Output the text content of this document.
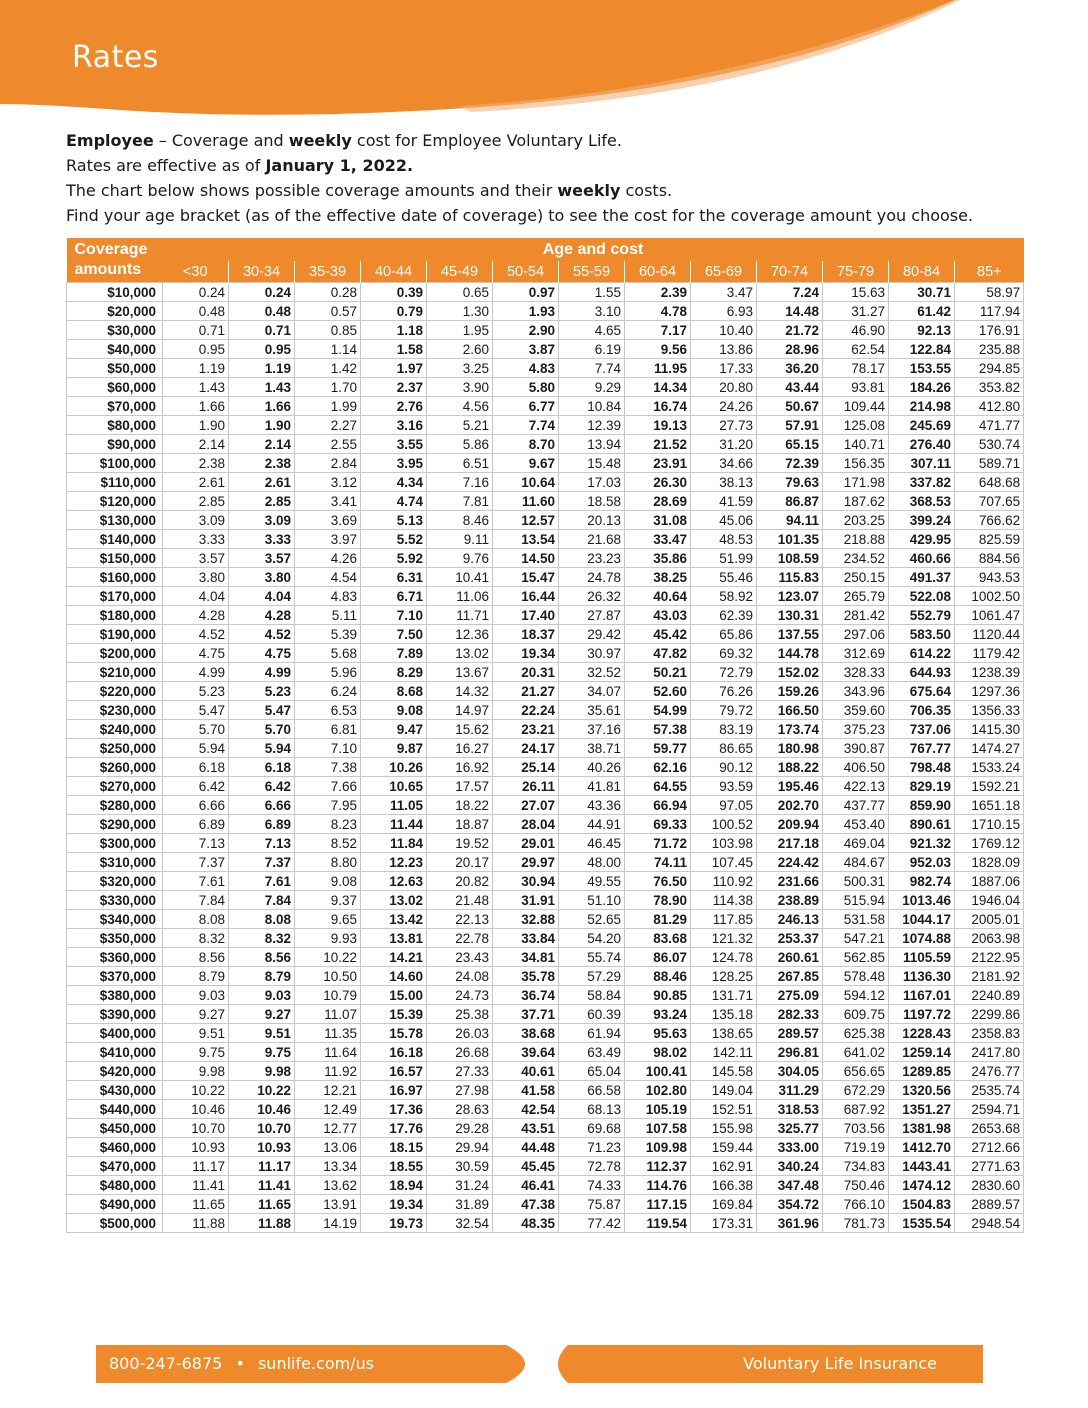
Rates

Employee – Coverage and weekly cost for Employee Voluntary Life.

Rates are effective as of January 1, 2022.

The chart below shows possible coverage amounts and their weekly costs.

Find your age bracket (as of the effective date of coverage) to see the cost for the coverage amount you choose.

Coverage
amounts	Age and cost												
	<30	30-34	35-39	40-44	45-49	50-54	55-59	60-64	65-69	70-74	75-79	80-84	85+
$10,000	0.24	0.24	0.28	0.39	0.65	0.97	1.55	2.39	3.47	7.24	15.63	30.71	58.97
$20,000	0.48	0.48	0.57	0.79	1.30	1.93	3.10	4.78	6.93	14.48	31.27	61.42	117.94
$30,000	0.71	0.71	0.85	1.18	1.95	2.90	4.65	7.17	10.40	21.72	46.90	92.13	176.91
$40,000	0.95	0.95	1.14	1.58	2.60	3.87	6.19	9.56	13.86	28.96	62.54	122.84	235.88
$50,000	1.19	1.19	1.42	1.97	3.25	4.83	7.74	11.95	17.33	36.20	78.17	153.55	294.85
$60,000	1.43	1.43	1.70	2.37	3.90	5.80	9.29	14.34	20.80	43.44	93.81	184.26	353.82
$70,000	1.66	1.66	1.99	2.76	4.56	6.77	10.84	16.74	24.26	50.67	109.44	214.98	412.80
$80,000	1.90	1.90	2.27	3.16	5.21	7.74	12.39	19.13	27.73	57.91	125.08	245.69	471.77
$90,000	2.14	2.14	2.55	3.55	5.86	8.70	13.94	21.52	31.20	65.15	140.71	276.40	530.74
$100,000	2.38	2.38	2.84	3.95	6.51	9.67	15.48	23.91	34.66	72.39	156.35	307.11	589.71
$110,000	2.61	2.61	3.12	4.34	7.16	10.64	17.03	26.30	38.13	79.63	171.98	337.82	648.68
$120,000	2.85	2.85	3.41	4.74	7.81	11.60	18.58	28.69	41.59	86.87	187.62	368.53	707.65
$130,000	3.09	3.09	3.69	5.13	8.46	12.57	20.13	31.08	45.06	94.11	203.25	399.24	766.62
$140,000	3.33	3.33	3.97	5.52	9.11	13.54	21.68	33.47	48.53	101.35	218.88	429.95	825.59
$150,000	3.57	3.57	4.26	5.92	9.76	14.50	23.23	35.86	51.99	108.59	234.52	460.66	884.56
$160,000	3.80	3.80	4.54	6.31	10.41	15.47	24.78	38.25	55.46	115.83	250.15	491.37	943.53
$170,000	4.04	4.04	4.83	6.71	11.06	16.44	26.32	40.64	58.92	123.07	265.79	522.08	1002.50
$180,000	4.28	4.28	5.11	7.10	11.71	17.40	27.87	43.03	62.39	130.31	281.42	552.79	1061.47
$190,000	4.52	4.52	5.39	7.50	12.36	18.37	29.42	45.42	65.86	137.55	297.06	583.50	1120.44
$200,000	4.75	4.75	5.68	7.89	13.02	19.34	30.97	47.82	69.32	144.78	312.69	614.22	1179.42
$210,000	4.99	4.99	5.96	8.29	13.67	20.31	32.52	50.21	72.79	152.02	328.33	644.93	1238.39
$220,000	5.23	5.23	6.24	8.68	14.32	21.27	34.07	52.60	76.26	159.26	343.96	675.64	1297.36
$230,000	5.47	5.47	6.53	9.08	14.97	22.24	35.61	54.99	79.72	166.50	359.60	706.35	1356.33
$240,000	5.70	5.70	6.81	9.47	15.62	23.21	37.16	57.38	83.19	173.74	375.23	737.06	1415.30
$250,000	5.94	5.94	7.10	9.87	16.27	24.17	38.71	59.77	86.65	180.98	390.87	767.77	1474.27
$260,000	6.18	6.18	7.38	10.26	16.92	25.14	40.26	62.16	90.12	188.22	406.50	798.48	1533.24
$270,000	6.42	6.42	7.66	10.65	17.57	26.11	41.81	64.55	93.59	195.46	422.13	829.19	1592.21
$280,000	6.66	6.66	7.95	11.05	18.22	27.07	43.36	66.94	97.05	202.70	437.77	859.90	1651.18
$290,000	6.89	6.89	8.23	11.44	18.87	28.04	44.91	69.33	100.52	209.94	453.40	890.61	1710.15
$300,000	7.13	7.13	8.52	11.84	19.52	29.01	46.45	71.72	103.98	217.18	469.04	921.32	1769.12
$310,000	7.37	7.37	8.80	12.23	20.17	29.97	48.00	74.11	107.45	224.42	484.67	952.03	1828.09
$320,000	7.61	7.61	9.08	12.63	20.82	30.94	49.55	76.50	110.92	231.66	500.31	982.74	1887.06
$330,000	7.84	7.84	9.37	13.02	21.48	31.91	51.10	78.90	114.38	238.89	515.94	1013.46	1946.04
$340,000	8.08	8.08	9.65	13.42	22.13	32.88	52.65	81.29	117.85	246.13	531.58	1044.17	2005.01
$350,000	8.32	8.32	9.93	13.81	22.78	33.84	54.20	83.68	121.32	253.37	547.21	1074.88	2063.98
$360,000	8.56	8.56	10.22	14.21	23.43	34.81	55.74	86.07	124.78	260.61	562.85	1105.59	2122.95
$370,000	8.79	8.79	10.50	14.60	24.08	35.78	57.29	88.46	128.25	267.85	578.48	1136.30	2181.92
$380,000	9.03	9.03	10.79	15.00	24.73	36.74	58.84	90.85	131.71	275.09	594.12	1167.01	2240.89
$390,000	9.27	9.27	11.07	15.39	25.38	37.71	60.39	93.24	135.18	282.33	609.75	1197.72	2299.86
$400,000	9.51	9.51	11.35	15.78	26.03	38.68	61.94	95.63	138.65	289.57	625.38	1228.43	2358.83
$410,000	9.75	9.75	11.64	16.18	26.68	39.64	63.49	98.02	142.11	296.81	641.02	1259.14	2417.80
$420,000	9.98	9.98	11.92	16.57	27.33	40.61	65.04	100.41	145.58	304.05	656.65	1289.85	2476.77
$430,000	10.22	10.22	12.21	16.97	27.98	41.58	66.58	102.80	149.04	311.29	672.29	1320.56	2535.74
$440,000	10.46	10.46	12.49	17.36	28.63	42.54	68.13	105.19	152.51	318.53	687.92	1351.27	2594.71
$450,000	10.70	10.70	12.77	17.76	29.28	43.51	69.68	107.58	155.98	325.77	703.56	1381.98	2653.68
$460,000	10.93	10.93	13.06	18.15	29.94	44.48	71.23	109.98	159.44	333.00	719.19	1412.70	2712.66
$470,000	11.17	11.17	13.34	18.55	30.59	45.45	72.78	112.37	162.91	340.24	734.83	1443.41	2771.63
$480,000	11.41	11.41	13.62	18.94	31.24	46.41	74.33	114.76	166.38	347.48	750.46	1474.12	2830.60
$490,000	11.65	11.65	13.91	19.34	31.89	47.38	75.87	117.15	169.84	354.72	766.10	1504.83	2889.57
$500,000	11.88	11.88	14.19	19.73	32.54	48.35	77.42	119.54	173.31	361.96	781.73	1535.54	2948.54
800-247-6875 • sunlife.com/us	Voluntary Life Insurance
